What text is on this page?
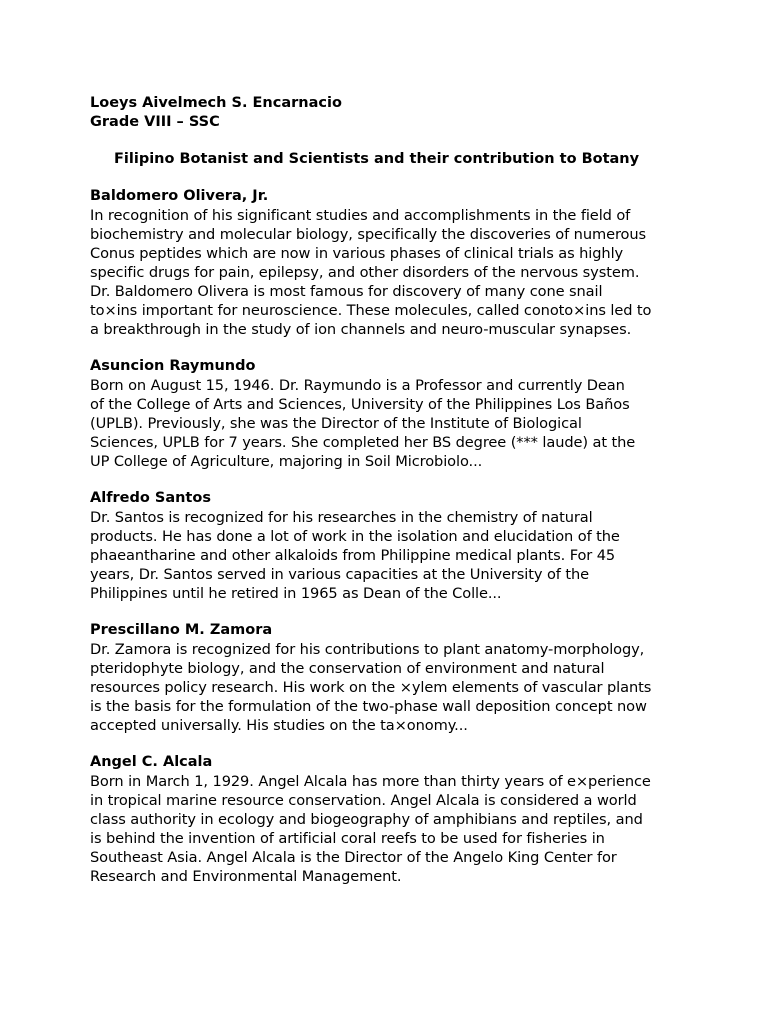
Loeys Aivelmech S. Encarnacio
Grade VIII – SSC
Filipino Botanist and Scientists and their contribution to Botany
Baldomero Olivera, Jr.
In recognition of his significant studies and accomplishments in the field of
biochemistry and molecular biology, specifically the discoveries of numerous
Conus peptides which are now in various phases of clinical trials as highly
specific drugs for pain, epilepsy, and other disorders of the nervous system.
Dr. Baldomero Olivera is most famous for discovery of many cone snail
to×ins important for neuroscience. These molecules, called conoto×ins led to
a breakthrough in the study of ion channels and neuro-muscular synapses.
Asuncion Raymundo
Born on August 15, 1946. Dr. Raymundo is a Professor and currently Dean
of the College of Arts and Sciences, University of the Philippines Los Baños
(UPLB). Previously, she was the Director of the Institute of Biological
Sciences, UPLB for 7 years. She completed her BS degree (*** laude) at the
UP College of Agriculture, majoring in Soil Microbiolo...
Alfredo Santos
Dr. Santos is recognized for his researches in the chemistry of natural
products. He has done a lot of work in the isolation and elucidation of the
phaeantharine and other alkaloids from Philippine medical plants. For 45
years, Dr. Santos served in various capacities at the University of the
Philippines until he retired in 1965 as Dean of the Colle...
Prescillano M. Zamora
Dr. Zamora is recognized for his contributions to plant anatomy-morphology,
pteridophyte biology, and the conservation of environment and natural
resources policy research. His work on the ×ylem elements of vascular plants
is the basis for the formulation of the two-phase wall deposition concept now
accepted universally. His studies on the ta×onomy...
Angel C. Alcala
Born in March 1, 1929. Angel Alcala has more than thirty years of e×perience
in tropical marine resource conservation. Angel Alcala is considered a world
class authority in ecology and biogeography of amphibians and reptiles, and
is behind the invention of artificial coral reefs to be used for fisheries in
Southeast Asia. Angel Alcala is the Director of the Angelo King Center for
Research and Environmental Management.
